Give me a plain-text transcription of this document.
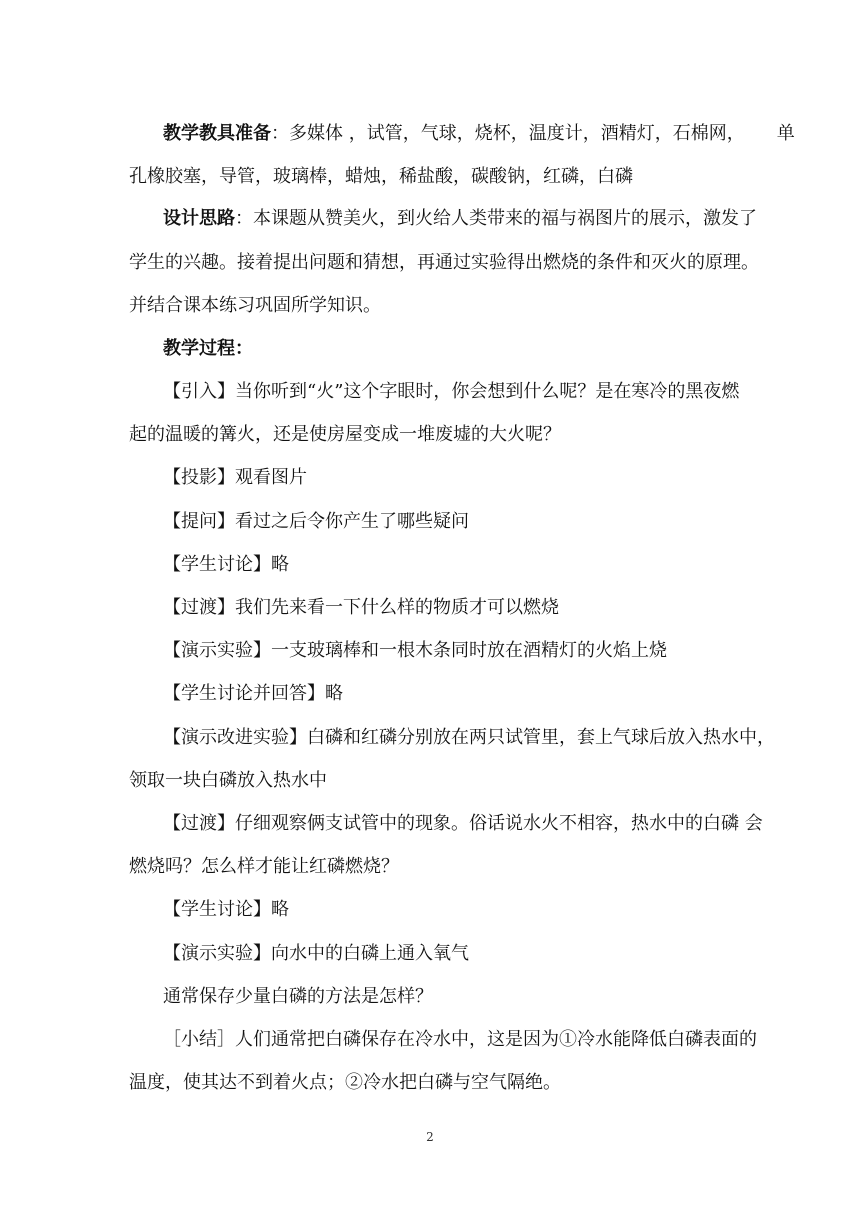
教学教具准备：多媒体 ，试管，气球，烧杯，温度计，酒精灯，石棉网， 单
孔橡胶塞，导管，玻璃棒，蜡烛，稀盐酸，碳酸钠，红磷，白磷
设计思路：本课题从赞美火，到火给人类带来的福与祸图片的展示，激发了
学生的兴趣。接着提出问题和猜想，再通过实验得出燃烧的条件和灭火的原理。
并结合课本练习巩固所学知识。
教学过程：
【引入】当你听到“火”这个字眼时，你会想到什么呢？是在寒冷的黑夜燃
起的温暖的篝火，还是使房屋变成一堆废墟的大火呢？
【投影】观看图片
【提问】看过之后令你产生了哪些疑问
【学生讨论】略
【过渡】我们先来看一下什么样的物质才可以燃烧
【演示实验】一支玻璃棒和一根木条同时放在酒精灯的火焰上烧
【学生讨论并回答】略
【演示改进实验】白磷和红磷分别放在两只试管里，套上气球后放入热水中，
领取一块白磷放入热水中
【过渡】仔细观察俩支试管中的现象。俗话说水火不相容，热水中的白磷 会
燃烧吗？怎么样才能让红磷燃烧？
【学生讨论】略
【演示实验】向水中的白磷上通入氧气
通常保存少量白磷的方法是怎样？
［小结］人们通常把白磷保存在冷水中，这是因为①冷水能降低白磷表面的
温度，使其达不到着火点；②冷水把白磷与空气隔绝。
2
